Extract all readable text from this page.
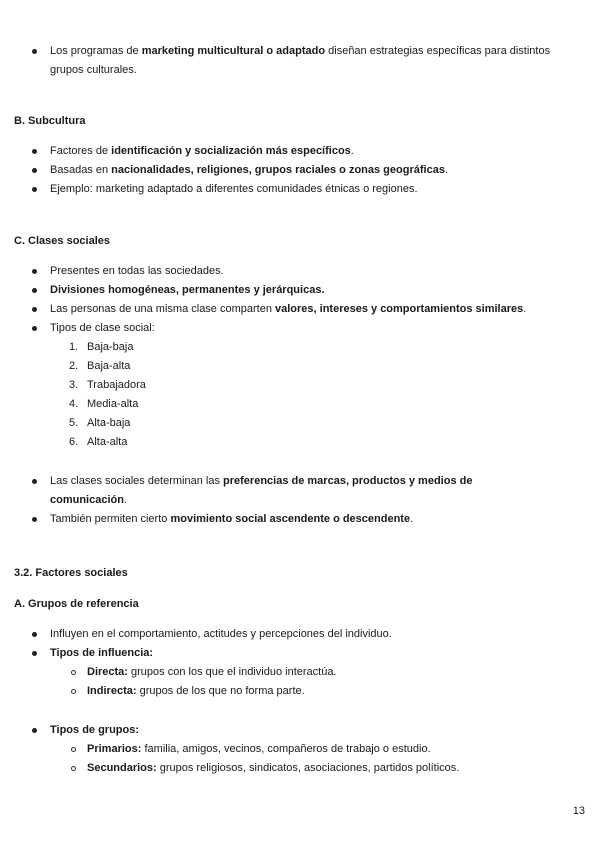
Los programas de marketing multicultural o adaptado diseñan estrategias específicas para distintos grupos culturales.
B. Subcultura
Factores de identificación y socialización más específicos.
Basadas en nacionalidades, religiones, grupos raciales o zonas geográficas.
Ejemplo: marketing adaptado a diferentes comunidades étnicas o regiones.
C. Clases sociales
Presentes en todas las sociedades.
Divisiones homogéneas, permanentes y jerárquicas.
Las personas de una misma clase comparten valores, intereses y comportamientos similares.
Tipos de clase social:
1. Baja-baja
2. Baja-alta
3. Trabajadora
4. Media-alta
5. Alta-baja
6. Alta-alta
Las clases sociales determinan las preferencias de marcas, productos y medios de comunicación.
También permiten cierto movimiento social ascendente o descendente.
3.2. Factores sociales
A. Grupos de referencia
Influyen en el comportamiento, actitudes y percepciones del individuo.
Tipos de influencia:
Directa: grupos con los que el individuo interactúa.
Indirecta: grupos de los que no forma parte.
Tipos de grupos:
Primarios: familia, amigos, vecinos, compañeros de trabajo o estudio.
Secundarios: grupos religiosos, sindicatos, asociaciones, partidos políticos.
13
